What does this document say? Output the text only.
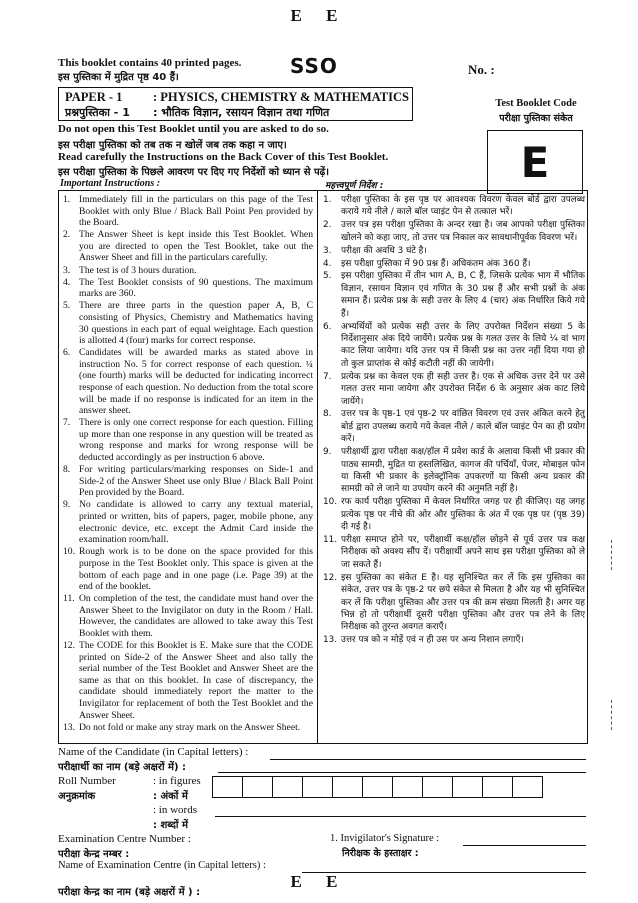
E E
This booklet contains 40 printed pages.
इस पुस्तिका में मुद्रित पृष्ठ 40 हैं।	SSO	No. :
PAPER - 1 : PHYSICS, CHEMISTRY & MATHEMATICS
प्रश्नपुस्तिका - 1 : भौतिक विज्ञान, रसायन विज्ञान तथा गणित
Test Booklet Code
परीक्षा पुस्तिका संकेत
E
Do not open this Test Booklet until you are asked to do so.
इस परीक्षा पुस्तिका को तब तक न खोलें जब तक कहा न जाए।
Read carefully the Instructions on the Back Cover of this Test Booklet.
इस परीक्षा पुस्तिका के पिछले आवरण पर दिए गए निर्देशों को ध्यान से पढ़ें।
Important Instructions :	महत्त्वपूर्ण निर्देश :
1. Immediately fill in the particulars on this page of the Test Booklet with only Blue / Black Ball Point Pen provided by the Board.
2. The Answer Sheet is kept inside this Test Booklet. When you are directed to open the Test Booklet, take out the Answer Sheet and fill in the particulars carefully.
3. The test is of 3 hours duration.
4. The Test Booklet consists of 90 questions. The maximum marks are 360.
5. There are three parts in the question paper A, B, C consisting of Physics, Chemistry and Mathematics having 30 questions in each part of equal weightage. Each question is allotted 4 (four) marks for correct response.
6. Candidates will be awarded marks as stated above in instruction No. 5 for correct response of each question. ¼ (one fourth) marks will be deducted for indicating incorrect response of each question. No deduction from the total score will be made if no response is indicated for an item in the answer sheet.
7. There is only one correct response for each question. Filling up more than one response in any question will be treated as wrong response and marks for wrong response will be deducted accordingly as per instruction 6 above.
8. For writing particulars/marking responses on Side-1 and Side-2 of the Answer Sheet use only Blue / Black Ball Point Pen provided by the Board.
9. No candidate is allowed to carry any textual material, printed or written, bits of papers, pager, mobile phone, any electronic device, etc. except the Admit Card inside the examination room/hall.
10. Rough work is to be done on the space provided for this purpose in the Test Booklet only. This space is given at the bottom of each page and in one page (i.e. Page 39) at the end of the booklet.
11. On completion of the test, the candidate must hand over the Answer Sheet to the Invigilator on duty in the Room / Hall. However, the candidates are allowed to take away this Test Booklet with them.
12. The CODE for this Booklet is E. Make sure that the CODE printed on Side-2 of the Answer Sheet and also tally the serial number of the Test Booklet and Answer Sheet are the same as that on this booklet. In case of discrepancy, the candidate should immediately report the matter to the Invigilator for replacement of both the Test Booklet and the Answer Sheet.
13. Do not fold or make any stray mark on the Answer Sheet.
1. परीक्षा पुस्तिका के इस पृष्ठ पर आवश्यक विवरण केवल बोर्ड द्वारा उपलब्ध कराये गये नीले / काले बॉल प्वाइंट पेन से तत्काल भरें।
2. उत्तर पत्र इस परीक्षा पुस्तिका के अन्दर रखा है। जब आपको परीक्षा पुस्तिका खोलने को कहा जाए, तो उत्तर पत्र निकाल कर सावधानीपूर्वक विवरण भरें।
3. परीक्षा की अवधि 3 घंटे है।
4. इस परीक्षा पुस्तिका में 90 प्रश्न हैं। अधिकतम अंक 360 हैं।
5. इस परीक्षा पुस्तिका में तीन भाग A, B, C हैं, जिसके प्रत्येक भाग में भौतिक विज्ञान, रसायन विज्ञान एवं गणित के 30 प्रश्न हैं और सभी प्रश्नों के अंक समान हैं। प्रत्येक प्रश्न के सही उत्तर के लिए 4 (चार) अंक निर्धारित किये गये हैं।
6. अभ्यर्थियों को प्रत्येक सही उत्तर के लिए उपरोक्त निर्देशन संख्या 5 के निर्देशानुसार अंक दिये जायेंगे। प्रत्येक प्रश्न के गलत उत्तर के लिये ¼ वां भाग काट लिया जायेगा। यदि उत्तर पत्र में किसी प्रश्न का उत्तर नहीं दिया गया हो तो कुल प्राप्तांक से कोई कटौती नहीं की जायेगी।
7. प्रत्येक प्रश्न का केवल एक ही सही उत्तर है। एक से अधिक उत्तर देने पर उसे गलत उत्तर माना जायेगा और उपरोक्त निर्देश 6 के अनुसार अंक काट लिये जायेंगे।
8. उत्तर पत्र के पृष्ठ-1 एवं पृष्ठ-2 पर वांछित विवरण एवं उत्तर अंकित करने हेतु बोर्ड द्वारा उपलब्ध कराये गये केवल नीले / काले बॉल प्वाइंट पेन का ही प्रयोग करें।
9. परीक्षार्थी द्वारा परीक्षा कक्ष/हॉल में प्रवेश कार्ड के अलावा किसी भी प्रकार की पाठ्य सामग्री, मुद्रित या हस्तलिखित, कागज की पर्चियाँ, पेजर, मोबाइल फोन या किसी भी प्रकार के इलेक्ट्रॉनिक उपकरणों या किसी अन्य प्रकार की सामग्री को ले जाने या उपयोग करने की अनुमति नहीं है।
10. रफ कार्य परीक्षा पुस्तिका में केवल निर्धारित जगह पर ही कीजिए। यह जगह प्रत्येक पृष्ठ पर नीचे की ओर और पुस्तिका के अंत में एक पृष्ठ पर (पृष्ठ 39) दी गई है।
11. परीक्षा समाप्त होने पर, परीक्षार्थी कक्ष/हॉल छोड़ने से पूर्व उत्तर पत्र कक्ष निरीक्षक को अवश्य सौंप दें। परीक्षार्थी अपने साथ इस परीक्षा पुस्तिका को ले जा सकते हैं।
12. इस पुस्तिका का संकेत E है। यह सुनिश्चित कर लें कि इस पुस्तिका का संकेत, उत्तर पत्र के पृष्ठ-2 पर छपे संकेत से मिलता है और यह भी सुनिश्चित कर लें कि परीक्षा पुस्तिका और उत्तर पत्र की क्रम संख्या मिलती है। अगर यह भिन्न हो तो परीक्षार्थी दूसरी परीक्षा पुस्तिका और उत्तर पत्र लेने के लिए निरीक्षक को तुरन्त अवगत कराएँ।
13. उत्तर पत्र को न मोड़ें एवं न ही उस पर अन्य निशान लगाएँ।
Name of the Candidate (in Capital letters) :
परीक्षार्थी का नाम (बड़े अक्षरों में) :
Roll Number
अनुक्रमांक
: in figures
: अंकों में
: in words
: शब्दों में
Examination Centre Number :
परीक्षा केन्द्र नम्बर :
Name of Examination Centre (in Capital letters) :
परीक्षा केन्द्र का नाम (बड़े अक्षरों में ) :
1. Invigilator's Signature :
निरीक्षक के हस्ताक्षर :
E E
